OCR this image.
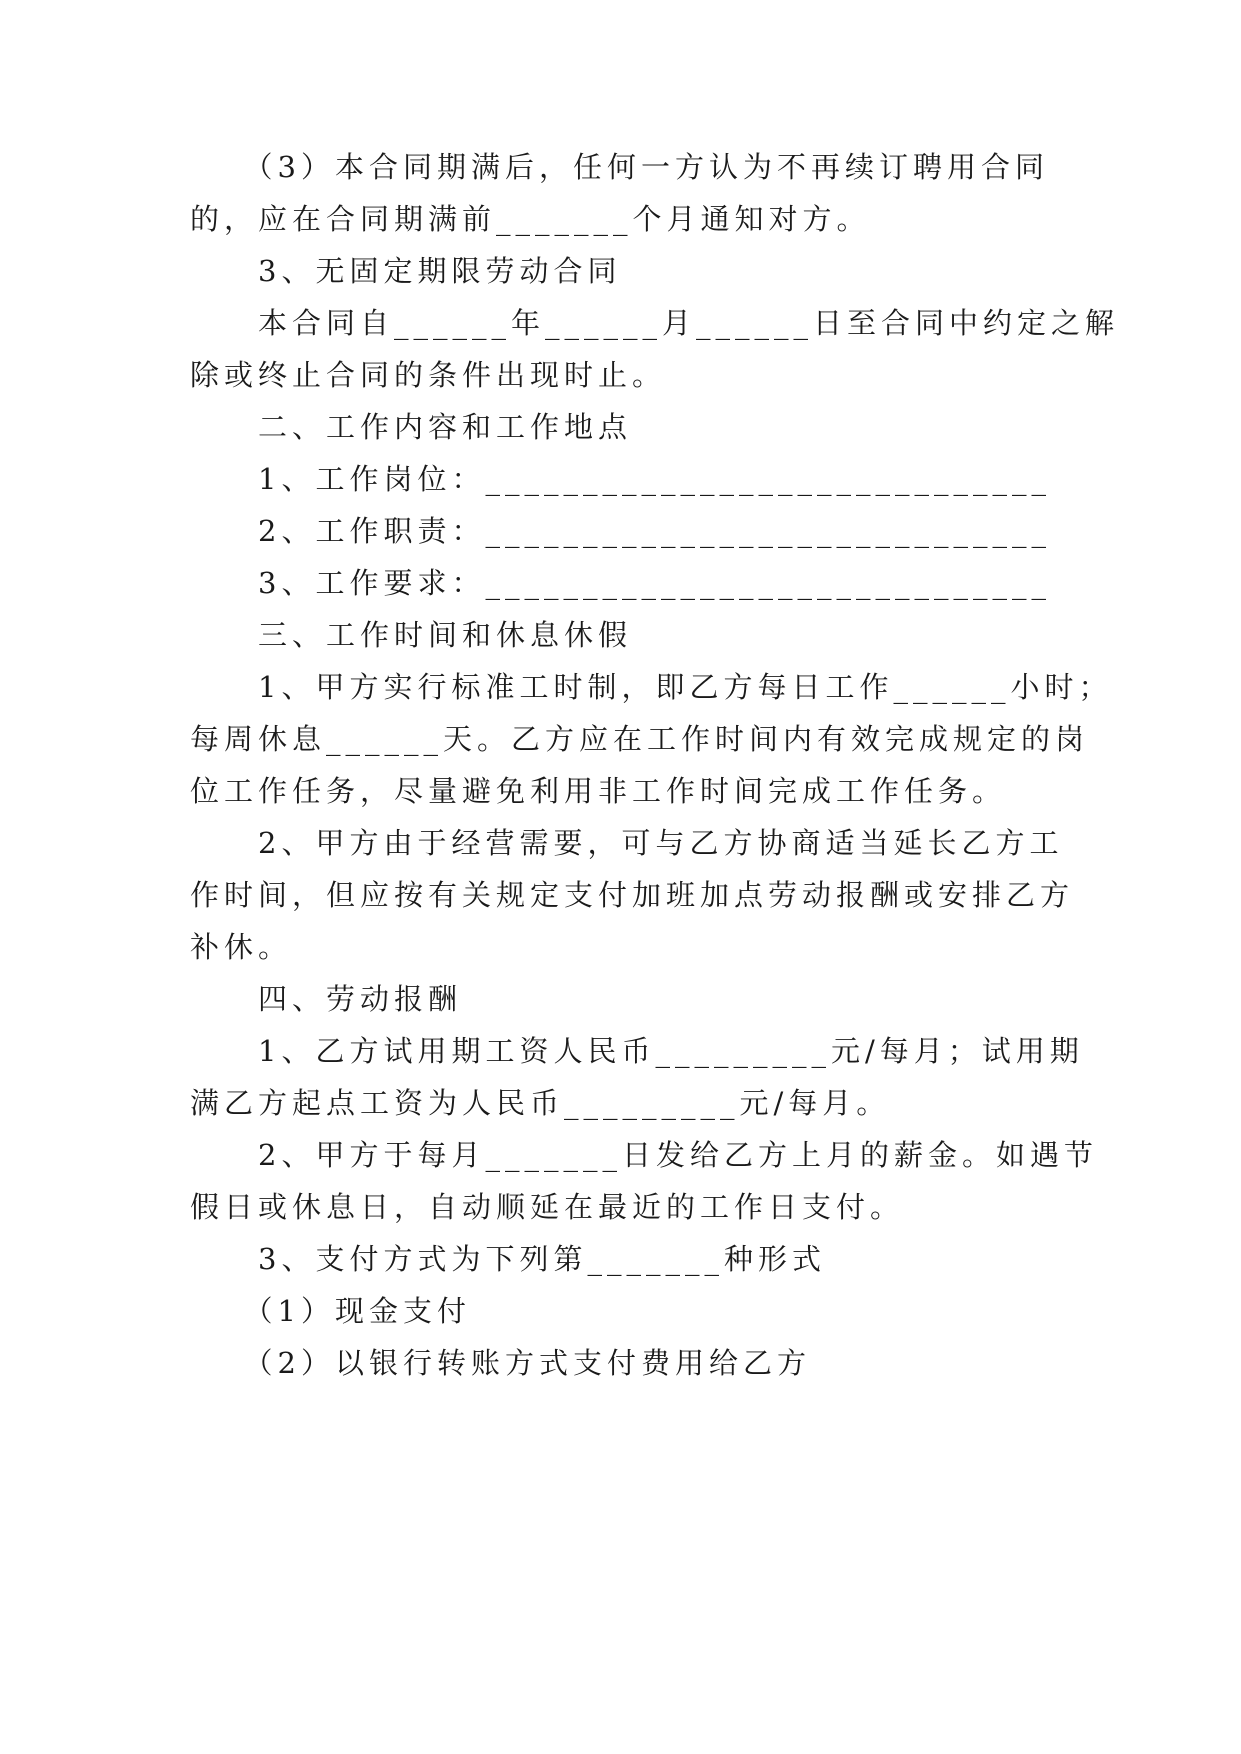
　　（3）本合同期满后，任何一方认为不再续订聘用合同
的，应在合同期满前_______个月通知对方。
　　3、无固定期限劳动合同
　　本合同自______年______月______日至合同中约定之解
除或终止合同的条件出现时止。
　　二、工作内容和工作地点
　　1、工作岗位：_____________________________
　　2、工作职责：_____________________________
　　3、工作要求：_____________________________
　　三、工作时间和休息休假
　　1、甲方实行标准工时制，即乙方每日工作______小时；
每周休息______天。乙方应在工作时间内有效完成规定的岗
位工作任务，尽量避免利用非工作时间完成工作任务。
　　2、甲方由于经营需要，可与乙方协商适当延长乙方工
作时间，但应按有关规定支付加班加点劳动报酬或安排乙方
补休。
　　四、劳动报酬
　　1、乙方试用期工资人民币_________元/每月；试用期
满乙方起点工资为人民币_________元/每月。
　　2、甲方于每月_______日发给乙方上月的薪金。如遇节
假日或休息日，自动顺延在最近的工作日支付。
　　3、支付方式为下列第_______种形式
　　（1）现金支付
　　（2）以银行转账方式支付费用给乙方
